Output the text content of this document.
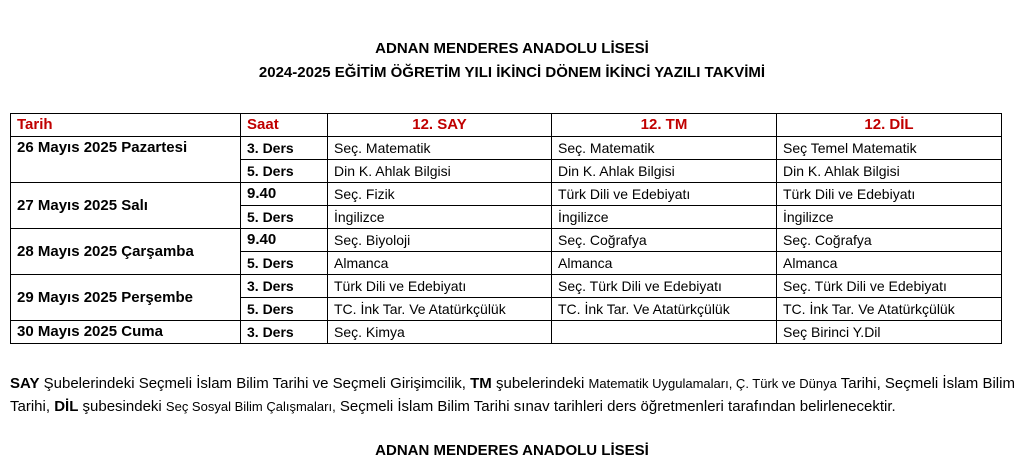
ADNAN MENDERES ANADOLU LİSESİ
2024-2025 EĞİTİM ÖĞRETİM YILI İKİNCİ DÖNEM İKİNCİ YAZILI TAKVİMİ
Tarih	Saat	12. SAY	12. TM	12. DİL
26 Mayıs 2025 Pazartesi	3. Ders	Seç. Matematik	Seç. Matematik	Seç Temel Matematik
	5. Ders	Din K. Ahlak Bilgisi	Din K. Ahlak Bilgisi	Din K. Ahlak Bilgisi
27 Mayıs 2025 Salı	9.40	Seç. Fizik	Türk Dili ve Edebiyatı	Türk Dili ve Edebiyatı
	5. Ders	İngilizce	İngilizce	İngilizce
28 Mayıs 2025 Çarşamba	9.40	Seç. Biyoloji	Seç. Coğrafya	Seç. Coğrafya
	5. Ders	Almanca	Almanca	Almanca
29 Mayıs 2025 Perşembe	3. Ders	Türk Dili ve Edebiyatı	Seç. Türk Dili ve Edebiyatı	Seç. Türk Dili ve Edebiyatı
	5. Ders	TC. İnk Tar. Ve Atatürkçülük	TC. İnk Tar. Ve Atatürkçülük	TC. İnk Tar. Ve Atatürkçülük
30 Mayıs 2025 Cuma	3. Ders	Seç. Kimya		Seç Birinci Y.Dil
SAY Şubelerindeki Seçmeli İslam Bilim Tarihi ve Seçmeli Girişimcilik, TM şubelerindeki Matematik Uygulamaları, Ç. Türk ve Dünya Tarihi, Seçmeli İslam Bilim Tarihi, DİL şubesindeki Seç Sosyal Bilim Çalışmaları, Seçmeli İslam Bilim Tarihi sınav tarihleri ders öğretmenleri tarafından belirlenecektir.
ADNAN MENDERES ANADOLU LİSESİ
